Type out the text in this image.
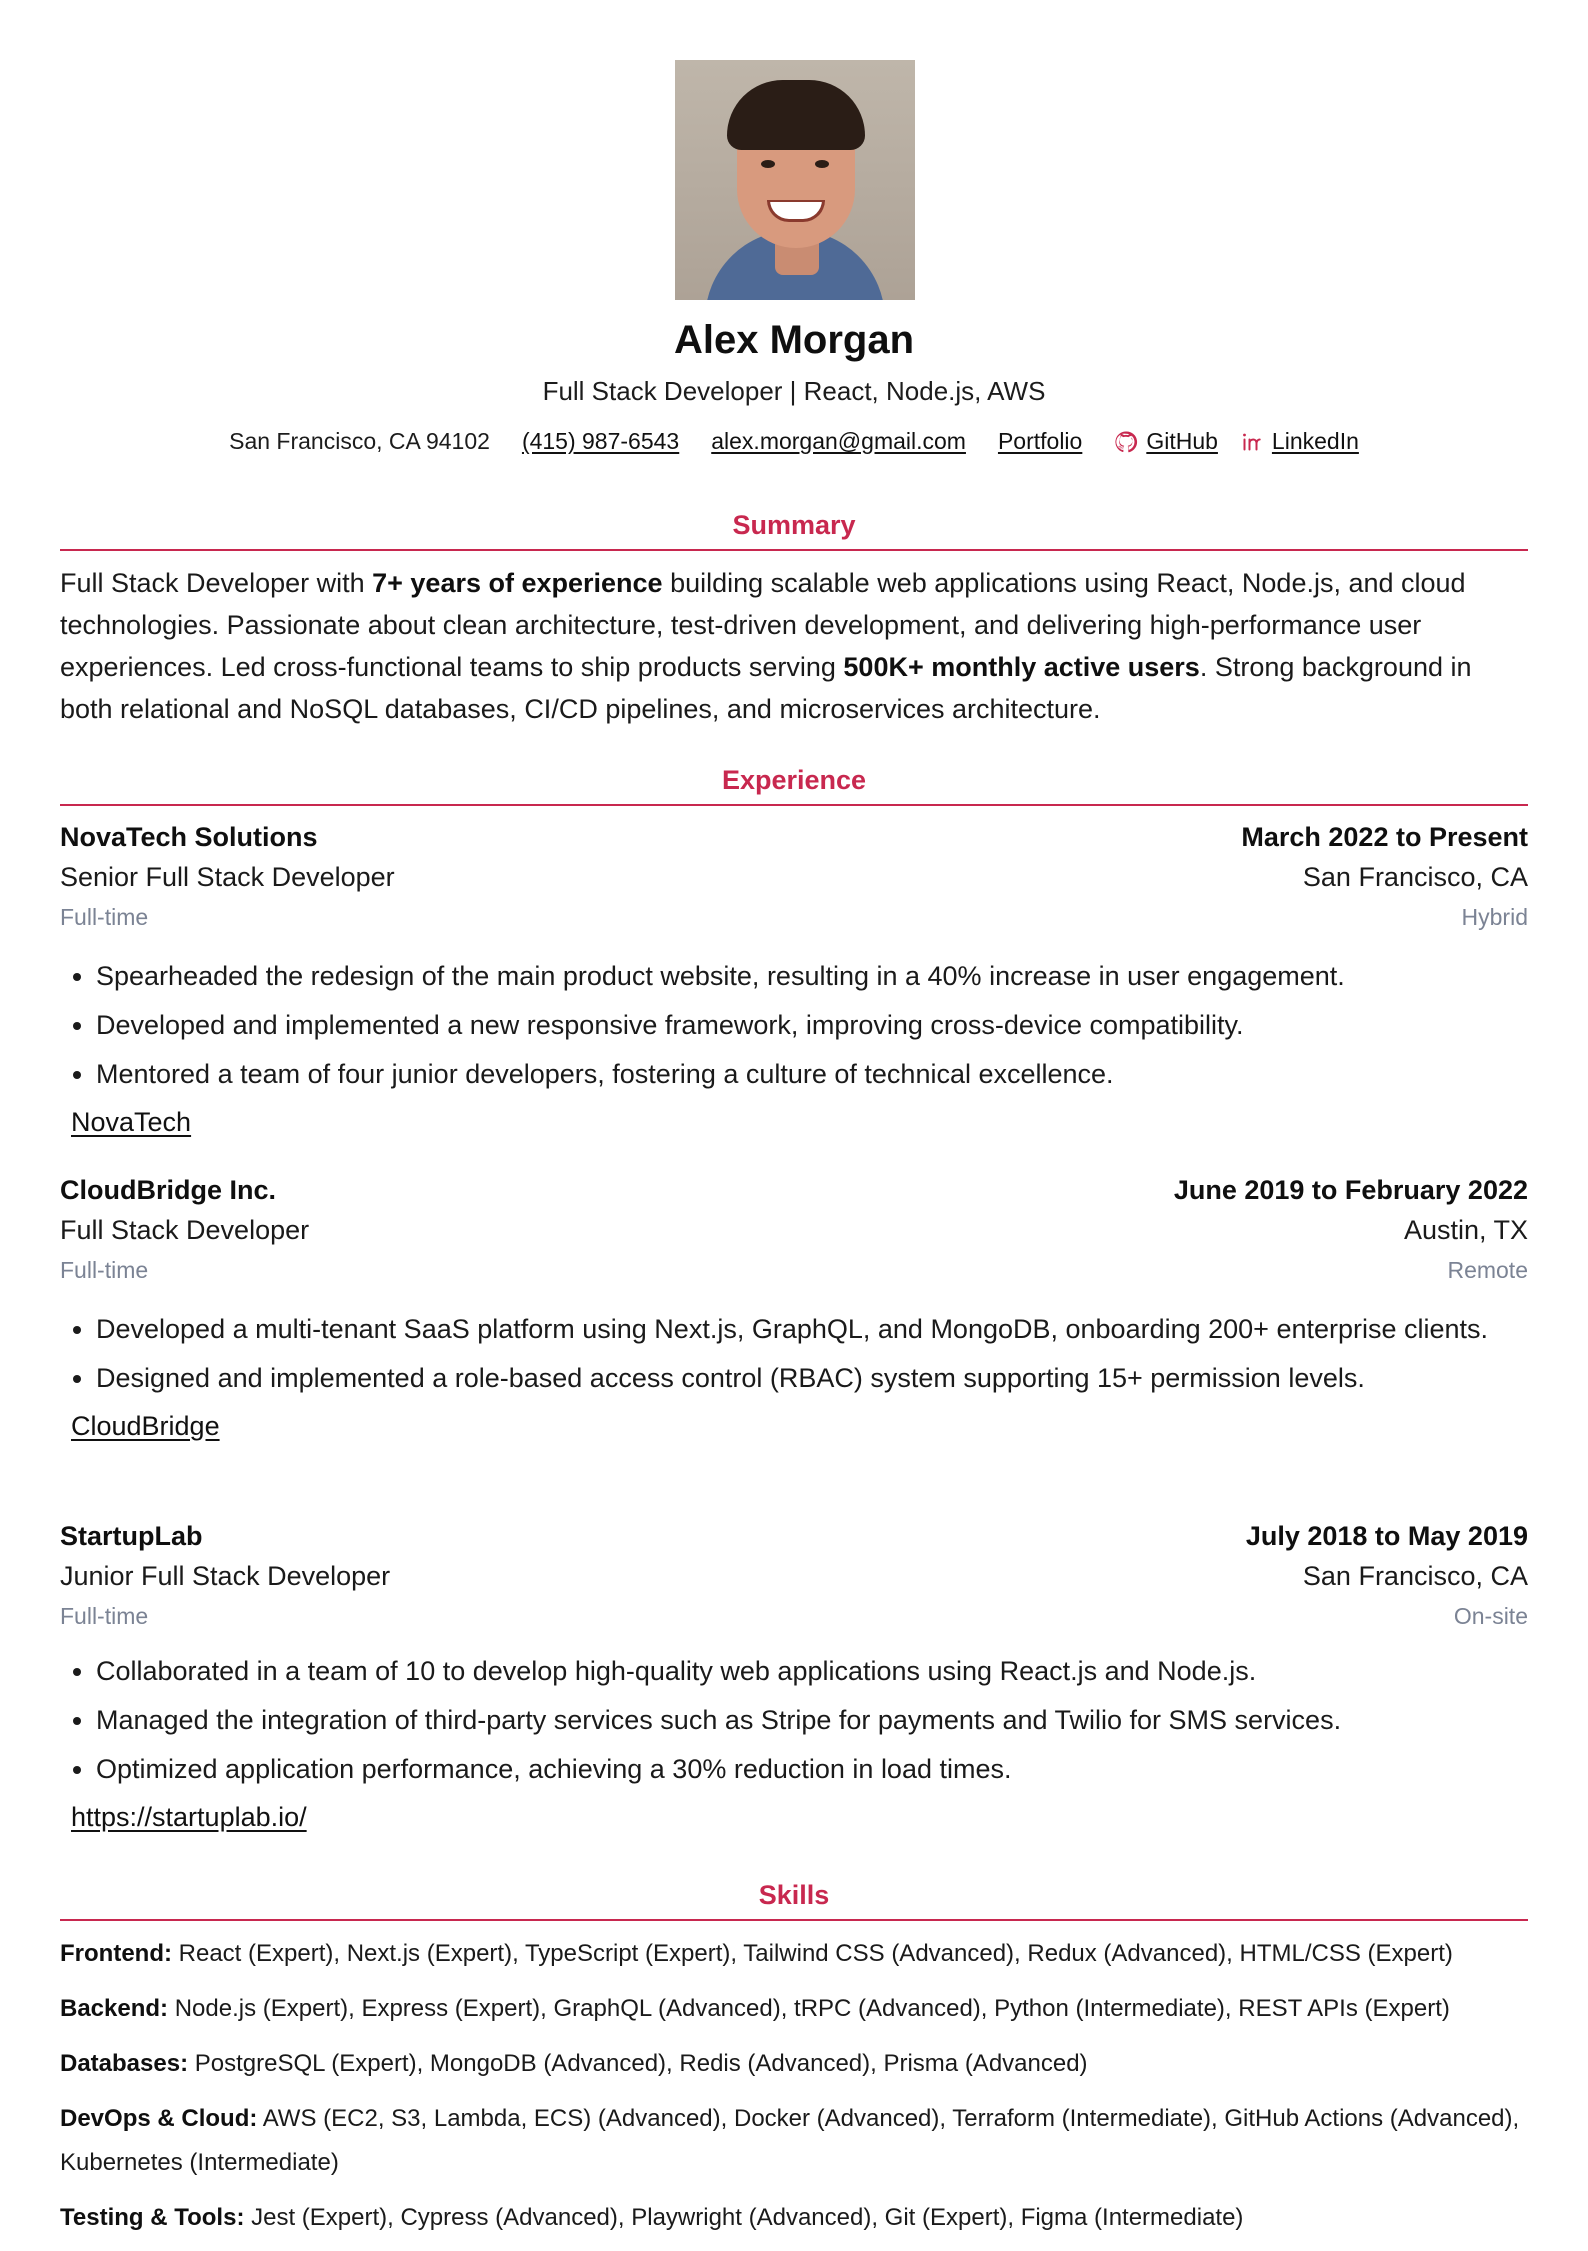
Alex Morgan
Full Stack Developer | React, Node.js, AWS
San Francisco, CA 94102 (415) 987-6543 alex.morgan@gmail.com Portfolio	GitHub LinkedIn
Summary
Full Stack Developer with 7+ years of experience building scalable web applications using React, Node.js, and cloud technologies. Passionate about clean architecture, test-driven development, and delivering high-performance user experiences. Led cross-functional teams to ship products serving 500K+ monthly active users. Strong background in both relational and NoSQL databases, CI/CD pipelines, and microservices architecture.
Experience
NovaTech Solutions	March 2022 to Present
Senior Full Stack Developer	San Francisco, CA
Full-time	Hybrid
• Spearheaded the redesign of the main product website, resulting in a 40% increase in user engagement.
• Developed and implemented a new responsive framework, improving cross-device compatibility.
• Mentored a team of four junior developers, fostering a culture of technical excellence.
NovaTech
CloudBridge Inc.	June 2019 to February 2022
Full Stack Developer	Austin, TX
Full-time	Remote
• Developed a multi-tenant SaaS platform using Next.js, GraphQL, and MongoDB, onboarding 200+ enterprise clients.
• Designed and implemented a role-based access control (RBAC) system supporting 15+ permission levels.
CloudBridge
StartupLab	July 2018 to May 2019
Junior Full Stack Developer	San Francisco, CA
Full-time	On-site
• Collaborated in a team of 10 to develop high-quality web applications using React.js and Node.js.
• Managed the integration of third-party services such as Stripe for payments and Twilio for SMS services.
• Optimized application performance, achieving a 30% reduction in load times.
https://startuplab.io/
Skills
Frontend: React (Expert), Next.js (Expert), TypeScript (Expert), Tailwind CSS (Advanced), Redux (Advanced), HTML/CSS (Expert)
Backend: Node.js (Expert), Express (Expert), GraphQL (Advanced), tRPC (Advanced), Python (Intermediate), REST APIs (Expert)
Databases: PostgreSQL (Expert), MongoDB (Advanced), Redis (Advanced), Prisma (Advanced)
DevOps & Cloud: AWS (EC2, S3, Lambda, ECS) (Advanced), Docker (Advanced), Terraform (Intermediate), GitHub Actions (Advanced), Kubernetes (Intermediate)
Testing & Tools: Jest (Expert), Cypress (Advanced), Playwright (Advanced), Git (Expert), Figma (Intermediate)
